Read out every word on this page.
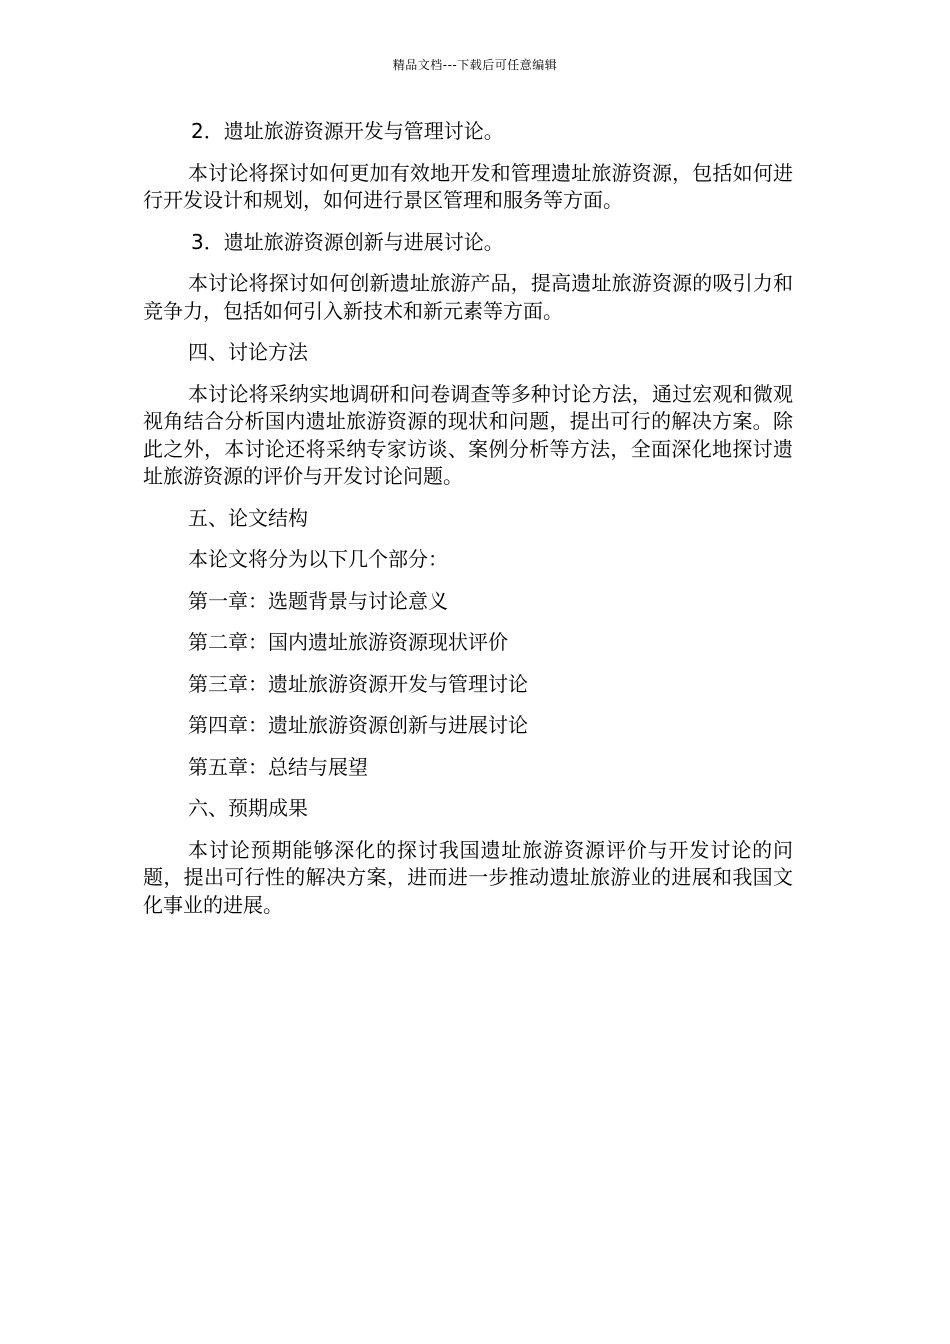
精品文档---下载后可任意编辑

2．遗址旅游资源开发与管理讨论。

本讨论将探讨如何更加有效地开发和管理遗址旅游资源，包括如何进行开发设计和规划，如何进行景区管理和服务等方面。

3．遗址旅游资源创新与进展讨论。

本讨论将探讨如何创新遗址旅游产品，提高遗址旅游资源的吸引力和竞争力，包括如何引入新技术和新元素等方面。

四、讨论方法

本讨论将采纳实地调研和问卷调查等多种讨论方法，通过宏观和微观视角结合分析国内遗址旅游资源的现状和问题，提出可行的解决方案。除此之外，本讨论还将采纳专家访谈、案例分析等方法，全面深化地探讨遗址旅游资源的评价与开发讨论问题。

五、论文结构

本论文将分为以下几个部分：

第一章：选题背景与讨论意义

第二章：国内遗址旅游资源现状评价

第三章：遗址旅游资源开发与管理讨论

第四章：遗址旅游资源创新与进展讨论

第五章：总结与展望

六、预期成果

本讨论预期能够深化的探讨我国遗址旅游资源评价与开发讨论的问题，提出可行性的解决方案，进而进一步推动遗址旅游业的进展和我国文化事业的进展。
